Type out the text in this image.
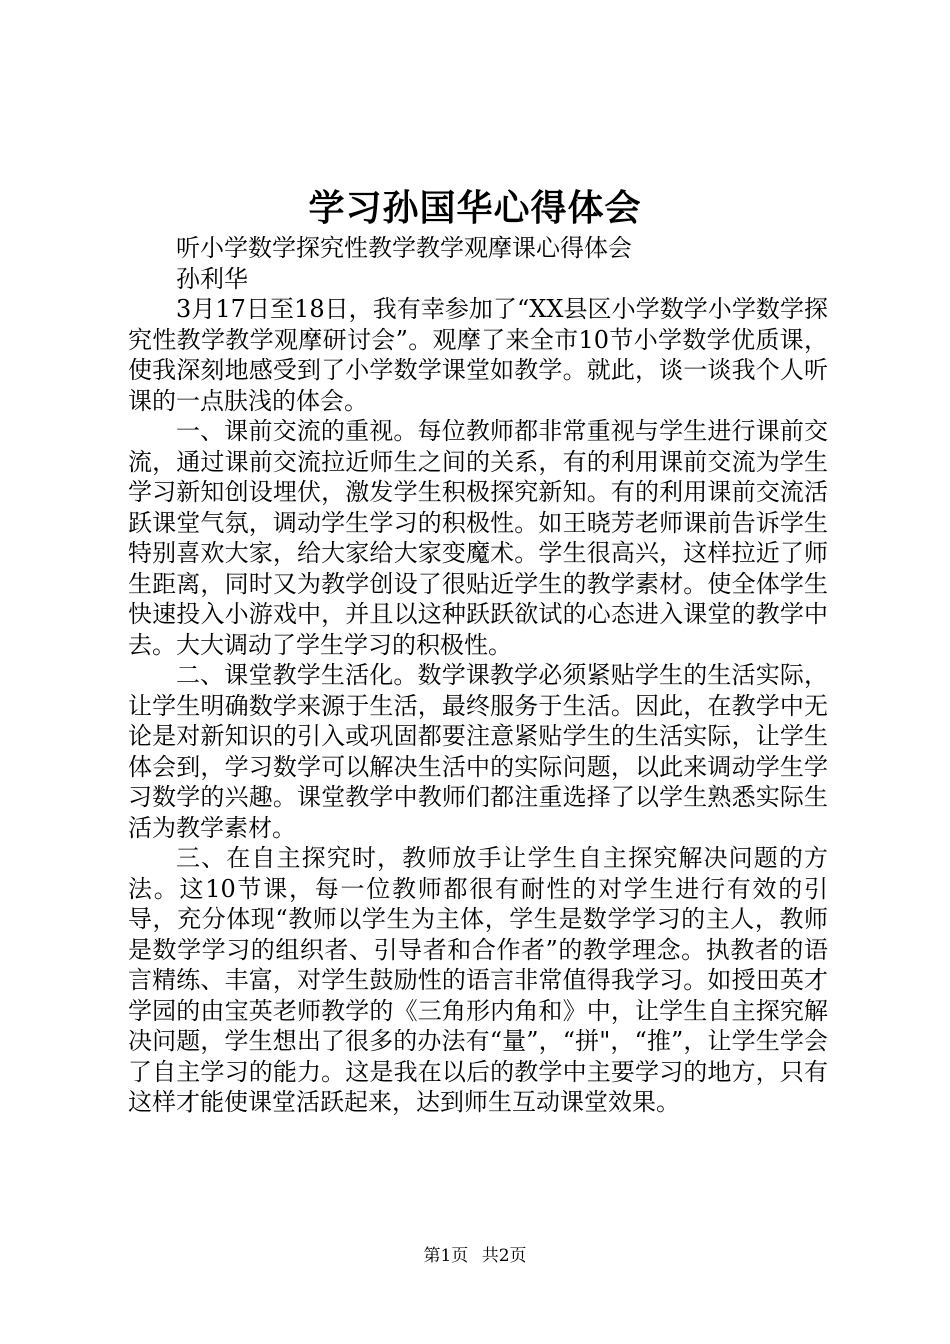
学习孙国华心得体会

听小学数学探究性教学教学观摩课心得体会

孙利华

3月17日至18日，我有幸参加了“XX县区小学数学小学数学探究性教学教学观摩研讨会”。观摩了来全市10节小学数学优质课，使我深刻地感受到了小学数学课堂如教学。就此，谈一谈我个人听课的一点肤浅的体会。

一、课前交流的重视。每位教师都非常重视与学生进行课前交流，通过课前交流拉近师生之间的关系，有的利用课前交流为学生学习新知创设埋伏，激发学生积极探究新知。有的利用课前交流活跃课堂气氛，调动学生学习的积极性。如王晓芳老师课前告诉学生特别喜欢大家，给大家给大家变魔术。学生很高兴，这样拉近了师生距离，同时又为教学创设了很贴近学生的教学素材。使全体学生快速投入小游戏中，并且以这种跃跃欲试的心态进入课堂的教学中去。大大调动了学生学习的积极性。

二、课堂教学生活化。数学课教学必须紧贴学生的生活实际，让学生明确数学来源于生活，最终服务于生活。因此，在教学中无论是对新知识的引入或巩固都要注意紧贴学生的生活实际，让学生体会到，学习数学可以解决生活中的实际问题，以此来调动学生学习数学的兴趣。课堂教学中教师们都注重选择了以学生熟悉实际生活为教学素材。

三、在自主探究时，教师放手让学生自主探究解决问题的方法。这10节课，每一位教师都很有耐性的对学生进行有效的引导，充分体现“教师以学生为主体，学生是数学学习的主人，教师是数学学习的组织者、引导者和合作者”的教学理念。执教者的语言精练、丰富，对学生鼓励性的语言非常值得我学习。如授田英才学园的由宝英老师教学的《三角形内角和》中，让学生自主探究解决问题，学生想出了很多的办法有“量”，“拼"，“推”，让学生学会了自主学习的能力。这是我在以后的教学中主要学习的地方，只有这样才能使课堂活跃起来，达到师生互动课堂效果。

第1页 共2页
